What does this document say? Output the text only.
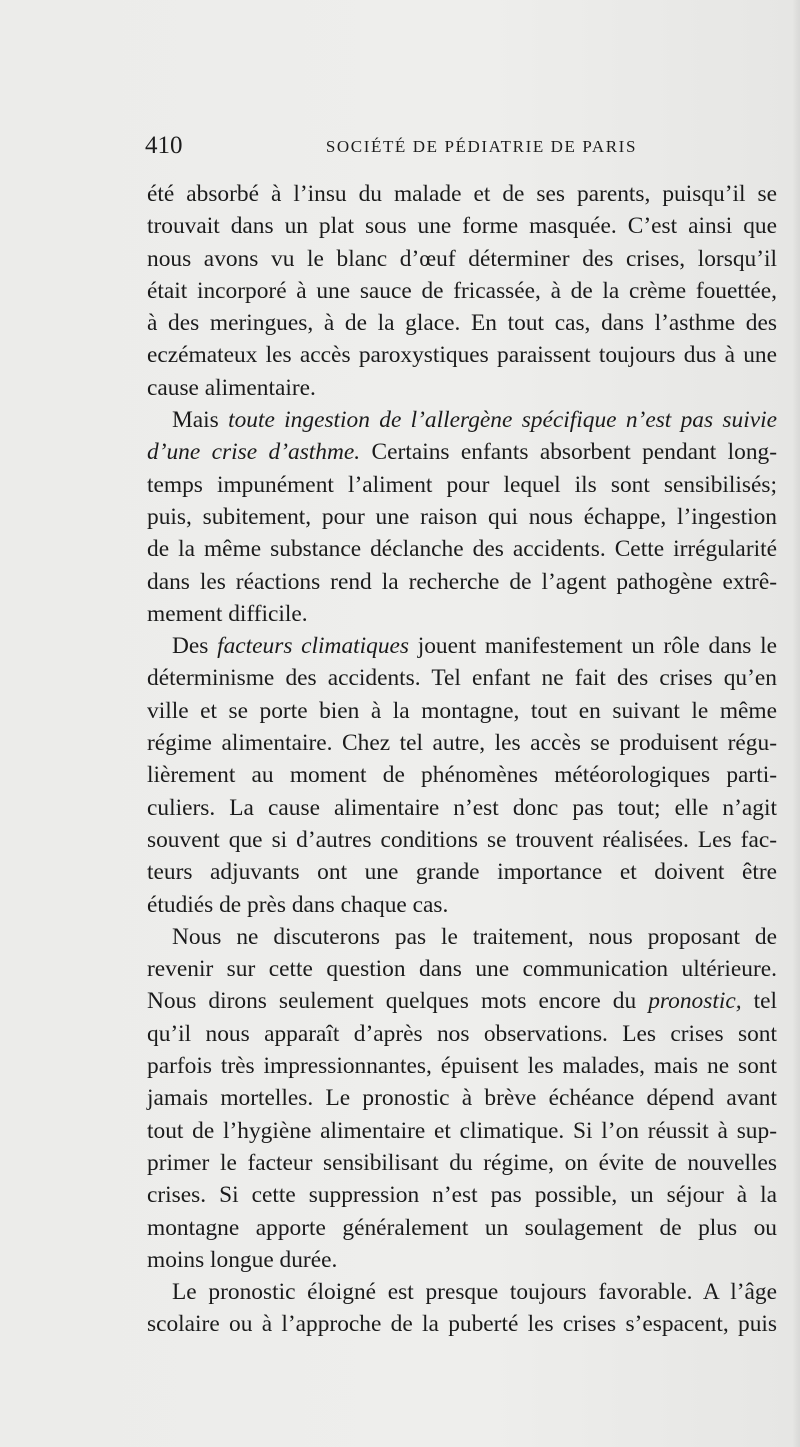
410	SOCIÉTÉ DE PÉDIATRIE DE PARIS
été absorbé à l’insu du malade et de ses parents, puisqu’il se
trouvait dans un plat sous une forme masquée. C’est ainsi que
nous avons vu le blanc d’œuf déterminer des crises, lorsqu’il
était incorporé à une sauce de fricassée, à de la crème fouettée,
à des meringues, à de la glace. En tout cas, dans l’asthme des
eczémateux les accès paroxystiques paraissent toujours dus à une
cause alimentaire.
Mais toute ingestion de l’allergène spécifique n’est pas suivie
d’une crise d’asthme. Certains enfants absorbent pendant long-
temps impunément l’aliment pour lequel ils sont sensibilisés;
puis, subitement, pour une raison qui nous échappe, l’ingestion
de la même substance déclanche des accidents. Cette irrégularité
dans les réactions rend la recherche de l’agent pathogène extrê-
mement difficile.
Des facteurs climatiques jouent manifestement un rôle dans le
déterminisme des accidents. Tel enfant ne fait des crises qu’en
ville et se porte bien à la montagne, tout en suivant le même
régime alimentaire. Chez tel autre, les accès se produisent régu-
lièrement au moment de phénomènes météorologiques parti-
culiers. La cause alimentaire n’est donc pas tout; elle n’agit
souvent que si d’autres conditions se trouvent réalisées. Les fac-
teurs adjuvants ont une grande importance et doivent être
étudiés de près dans chaque cas.
Nous ne discuterons pas le traitement, nous proposant de
revenir sur cette question dans une communication ultérieure.
Nous dirons seulement quelques mots encore du pronostic, tel
qu’il nous apparaît d’après nos observations. Les crises sont
parfois très impressionnantes, épuisent les malades, mais ne sont
jamais mortelles. Le pronostic à brève échéance dépend avant
tout de l’hygiène alimentaire et climatique. Si l’on réussit à sup-
primer le facteur sensibilisant du régime, on évite de nouvelles
crises. Si cette suppression n’est pas possible, un séjour à la
montagne apporte généralement un soulagement de plus ou
moins longue durée.
Le pronostic éloigné est presque toujours favorable. A l’âge
scolaire ou à l’approche de la puberté les crises s’espacent, puis
